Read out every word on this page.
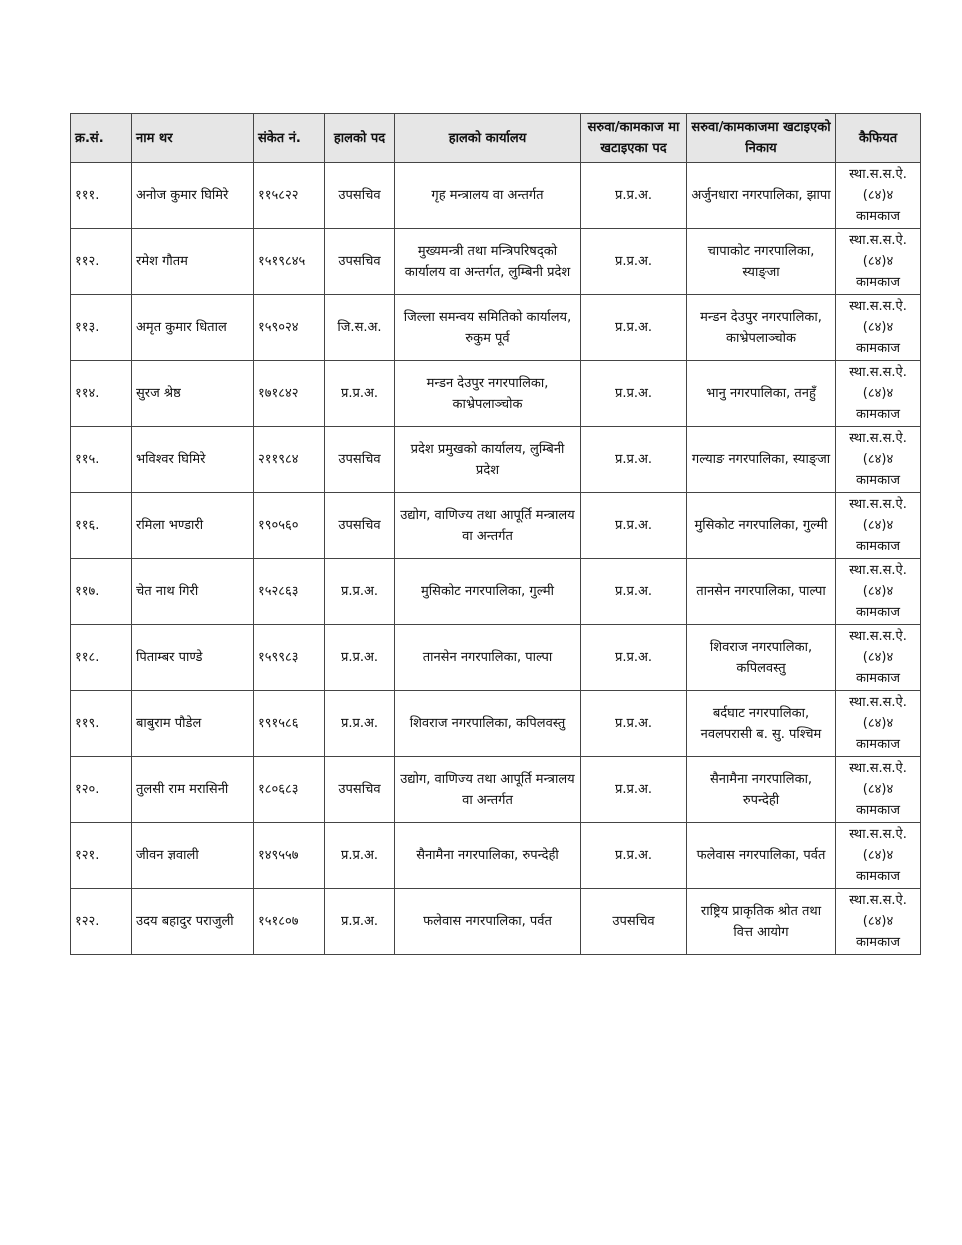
क्र.सं.	नाम थर	संकेत नं.	हालको पद	हालको कार्यालय	सरुवा/कामकाज मा खटाइएका पद	सरुवा/कामकाजमा खटाइएको निकाय	कैफियत
१११.	अनोज कुमार घिमिरे	११५८२२	उपसचिव	गृह मन्त्रालय वा अन्तर्गत	प्र.प्र.अ.	अर्जुनधारा नगरपालिका, झापा	स्था.स.स.ऐ. (८४)४ कामकाज
११२.	रमेश गौतम	१५१९८४५	उपसचिव	मुख्यमन्त्री तथा मन्त्रिपरिषद्को कार्यालय वा अन्तर्गत, लुम्बिनी प्रदेश	प्र.प्र.अ.	चापाकोट नगरपालिका, स्याङ्जा	स्था.स.स.ऐ. (८४)४ कामकाज
११३.	अमृत कुमार धिताल	१५९०२४	जि.स.अ.	जिल्ला समन्वय समितिको कार्यालय, रुकुम पूर्व	प्र.प्र.अ.	मन्डन देउपुर नगरपालिका, काभ्रेपलाञ्चोक	स्था.स.स.ऐ. (८४)४ कामकाज
११४.	सुरज श्रेष्ठ	१७१८४२	प्र.प्र.अ.	मन्डन देउपुर नगरपालिका, काभ्रेपलाञ्चोक	प्र.प्र.अ.	भानु नगरपालिका, तनहुँ	स्था.स.स.ऐ. (८४)४ कामकाज
११५.	भविश्वर घिमिरे	२११९८४	उपसचिव	प्रदेश प्रमुखको कार्यालय, लुम्बिनी प्रदेश	प्र.प्र.अ.	गल्याङ नगरपालिका, स्याङ्जा	स्था.स.स.ऐ. (८४)४ कामकाज
११६.	रमिला भण्डारी	१९०५६०	उपसचिव	उद्योग, वाणिज्य तथा आपूर्ति मन्त्रालय वा अन्तर्गत	प्र.प्र.अ.	मुसिकोट नगरपालिका, गुल्मी	स्था.स.स.ऐ. (८४)४ कामकाज
११७.	चेत नाथ गिरी	१५२८६३	प्र.प्र.अ.	मुसिकोट नगरपालिका, गुल्मी	प्र.प्र.अ.	तानसेन नगरपालिका, पाल्पा	स्था.स.स.ऐ. (८४)४ कामकाज
११८.	पिताम्बर पाण्डे	१५९९८३	प्र.प्र.अ.	तानसेन नगरपालिका, पाल्पा	प्र.प्र.अ.	शिवराज नगरपालिका, कपिलवस्तु	स्था.स.स.ऐ. (८४)४ कामकाज
११९.	बाबुराम पौडेल	१९१५८६	प्र.प्र.अ.	शिवराज नगरपालिका, कपिलवस्तु	प्र.प्र.अ.	बर्दघाट नगरपालिका, नवलपरासी ब. सु. पश्चिम	स्था.स.स.ऐ. (८४)४ कामकाज
१२०.	तुलसी राम मरासिनी	१८०६८३	उपसचिव	उद्योग, वाणिज्य तथा आपूर्ति मन्त्रालय वा अन्तर्गत	प्र.प्र.अ.	सैनामैना नगरपालिका, रुपन्देही	स्था.स.स.ऐ. (८४)४ कामकाज
१२१.	जीवन ज्ञवाली	१४९५५७	प्र.प्र.अ.	सैनामैना नगरपालिका, रुपन्देही	प्र.प्र.अ.	फलेवास नगरपालिका, पर्वत	स्था.स.स.ऐ. (८४)४ कामकाज
१२२.	उदय बहादुर पराजुली	१५१८०७	प्र.प्र.अ.	फलेवास नगरपालिका, पर्वत	उपसचिव	राष्ट्रिय प्राकृतिक श्रोत तथा वित्त आयोग	स्था.स.स.ऐ. (८४)४ कामकाज
